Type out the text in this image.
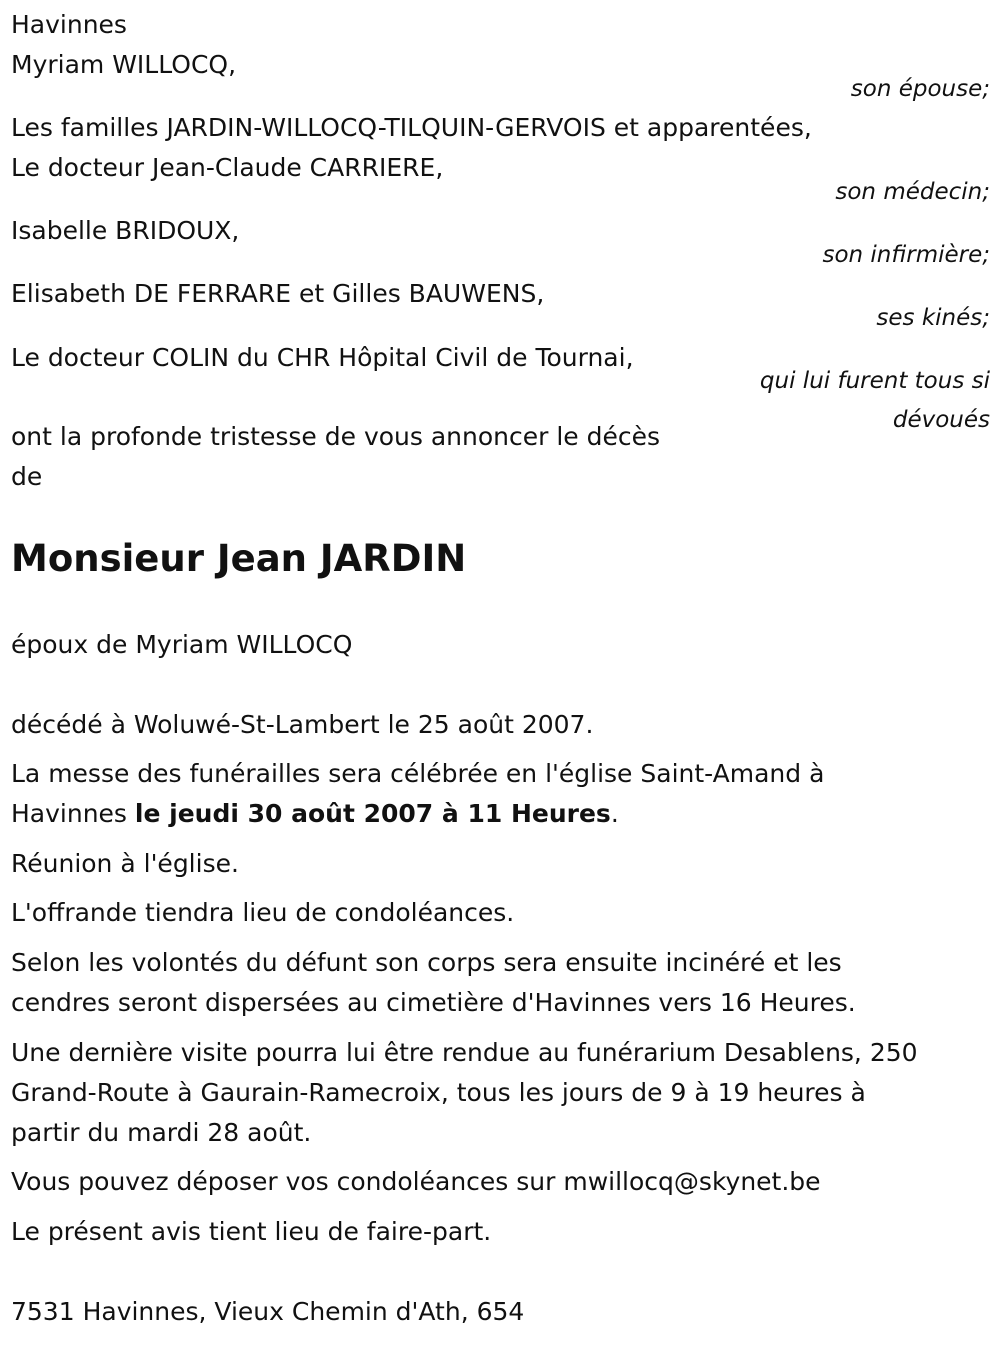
Havinnes
Myriam WILLOCQ,
son épouse;
Les familles JARDIN-WILLOCQ-TILQUIN-GERVOIS et apparentées,
Le docteur Jean-Claude CARRIERE,
son médecin;
Isabelle BRIDOUX,
son infirmière;
Elisabeth DE FERRARE et Gilles BAUWENS,
ses kinés;
Le docteur COLIN du CHR Hôpital Civil de Tournai,
qui lui furent tous si
dévoués
ont la profonde tristesse de vous annoncer le décès
de
Monsieur Jean JARDIN
époux de Myriam WILLOCQ
décédé à Woluwé-St-Lambert le 25 août 2007.
La messe des funérailles sera célébrée en l'église Saint-Amand à
Havinnes le jeudi 30 août 2007 à 11 Heures.
Réunion à l'église.
L'offrande tiendra lieu de condoléances.
Selon les volontés du défunt son corps sera ensuite incinéré et les
cendres seront dispersées au cimetière d'Havinnes vers 16 Heures.
Une dernière visite pourra lui être rendue au funérarium Desablens, 250
Grand-Route à Gaurain-Ramecroix, tous les jours de 9 à 19 heures à
partir du mardi 28 août.
Vous pouvez déposer vos condoléances sur mwillocq@skynet.be
Le présent avis tient lieu de faire-part.
7531 Havinnes, Vieux Chemin d'Ath, 654
